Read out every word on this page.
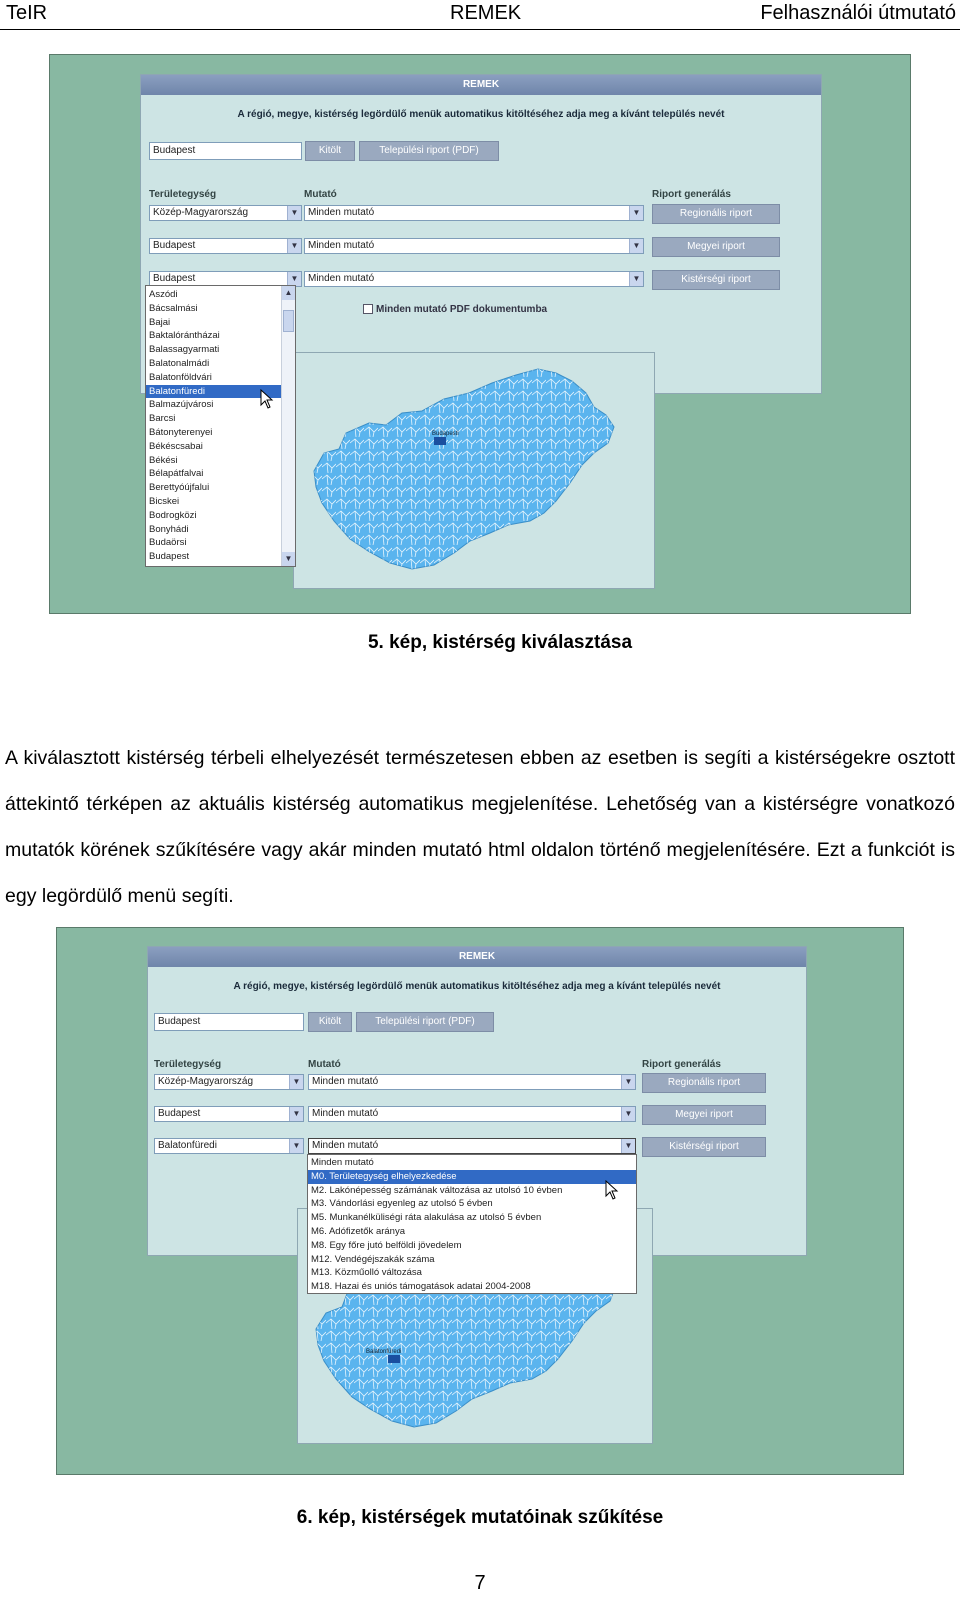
TeIR	REMEK	Felhasználói útmutató
REMEK
A régió, megye, kistérség legördülő menük automatikus kitöltéséhez adja meg a kívánt település nevét
Budapest	Kitölt	Települési riport (PDF)
Területegység	Mutató	Riport generálás
Közép-Magyarország	▼ Minden mutató	▼	Regionális riport
Budapest	▼ Minden mutató	▼	Megyei riport
Budapest	▼ Minden mutató	▼	Kistérségi riport
Minden mutató PDF dokumentumba
Budapesti
Aszódi
Bácsalmási
Bajai
Baktalórántházai
Balassagyarmati
Balatonalmádi
Balatonföldvári
Balatonfüredi
Balmazújvárosi
Barcsi
Bátonyterenyei
Békéscsabai
Békési
Bélapátfalvai
Berettyóújfalui
Bicskei
Bodrogközi
Bonyhádi
Budaörsi
Budapest
▲
▼
5. kép, kistérség kiválasztása
A kiválasztott kistérség térbeli elhelyezését természetesen ebben az esetben is segíti a kistérségekre osztott áttekintő térképen az aktuális kistérség automatikus megjelenítése. Lehetőség van a kistérségre vonatkozó mutatók körének szűkítésére vagy akár minden mutató html oldalon történő megjelenítésére. Ezt a funkciót is egy legördülő menü segíti.
REMEK
A régió, megye, kistérség legördülő menük automatikus kitöltéséhez adja meg a kívánt település nevét
Budapest	Kitölt	Települési riport (PDF)
Területegység	Mutató	Riport generálás
Közép-Magyarország	▼	Minden mutató	▼	Regionális riport
Budapest	▼	Minden mutató	▼	Megyei riport
Balatonfüredi	▼	Minden mutató	▼	Kistérségi riport
Balatonfüredi
Minden mutató
M0. Területegység elhelyezkedése
M2. Lakónépesség számának változása az utolsó 10 évben
M3. Vándorlási egyenleg az utolsó 5 évben
M5. Munkanélküliségi ráta alakulása az utolsó 5 évben
M6. Adófizetők aránya
M8. Egy főre jutó belföldi jövedelem
M12. Vendégéjszakák száma
M13. Közműolló változása
M18. Hazai és uniós támogatások adatai 2004-2008
6. kép, kistérségek mutatóinak szűkítése
7
